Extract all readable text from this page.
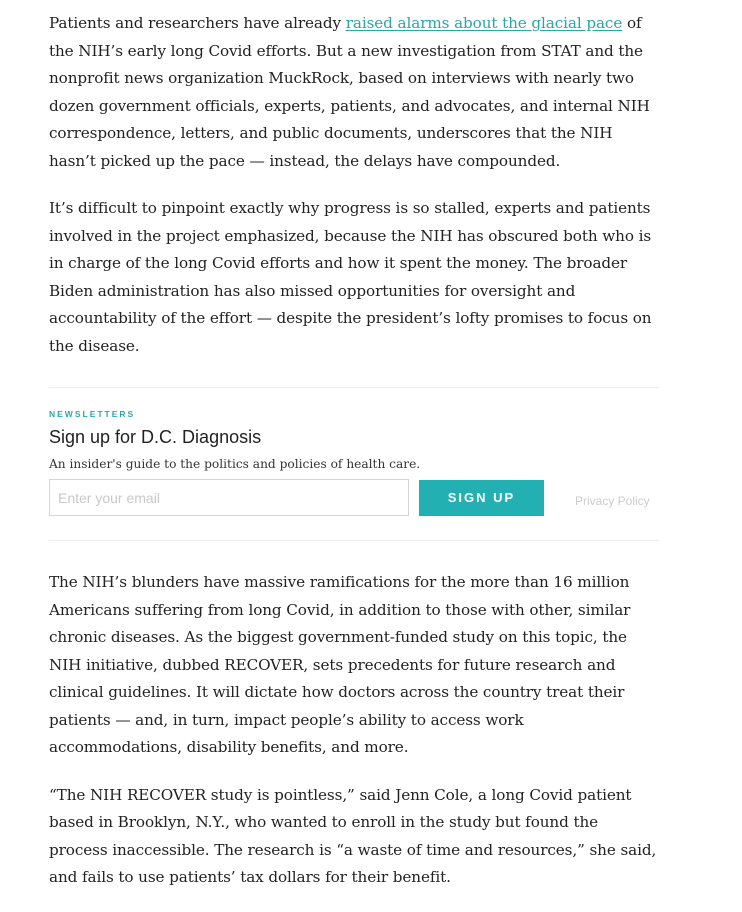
Patients and researchers have already raised alarms about the glacial pace of the NIH’s early long Covid efforts. But a new investigation from STAT and the nonprofit news organization MuckRock, based on interviews with nearly two dozen government officials, experts, patients, and advocates, and internal NIH correspondence, letters, and public documents, underscores that the NIH hasn’t picked up the pace — instead, the delays have compounded.

It’s difficult to pinpoint exactly why progress is so stalled, experts and patients involved in the project emphasized, because the NIH has obscured both who is in charge of the long Covid efforts and how it spent the money. The broader Biden administration has also missed opportunities for oversight and accountability of the effort — despite the president’s lofty promises to focus on the disease.

NEWSLETTERS
Sign up for D.C. Diagnosis
An insider's guide to the politics and policies of health care.
Enter your email
SIGN UP	Privacy Policy

The NIH’s blunders have massive ramifications for the more than 16 million Americans suffering from long Covid, in addition to those with other, similar chronic diseases. As the biggest government-funded study on this topic, the NIH initiative, dubbed RECOVER, sets precedents for future research and clinical guidelines. It will dictate how doctors across the country treat their patients — and, in turn, impact people’s ability to access work accommodations, disability benefits, and more.

“The NIH RECOVER study is pointless,” said Jenn Cole, a long Covid patient based in Brooklyn, N.Y., who wanted to enroll in the study but found the process inaccessible. The research is “a waste of time and resources,” she said, and fails to use patients’ tax dollars for their benefit.
